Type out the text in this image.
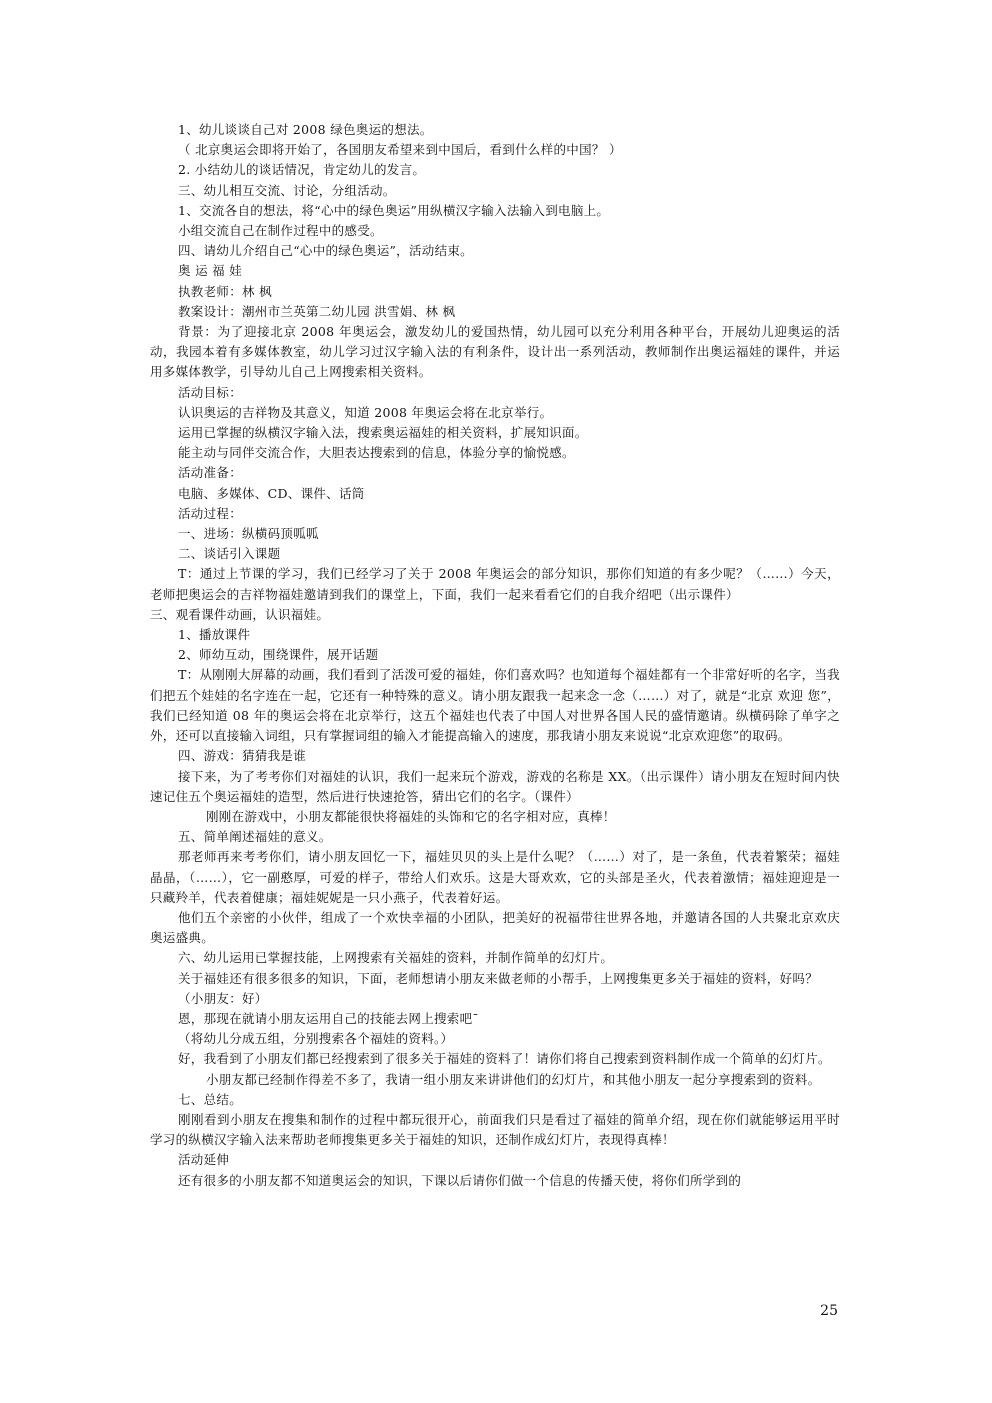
1、幼儿谈谈自己对 2008 绿色奥运的想法。
（ 北京奥运会即将开始了，各国朋友希望来到中国后，看到什么样的中国？ ）
2. 小结幼儿的谈话情况，肯定幼儿的发言。
三、幼儿相互交流、讨论，分组活动。
1、交流各自的想法，将“心中的绿色奥运”用纵横汉字输入法输入到电脑上。
小组交流自己在制作过程中的感受。
四、请幼儿介绍自己“心中的绿色奥运”，活动结束。
奥 运 福 娃
执教老师：林 枫
教案设计：潮州市兰英第二幼儿园 洪雪娟、林 枫
背景：为了迎接北京 2008 年奥运会，激发幼儿的爱国热情，幼儿园可以充分利用各种平台，开展幼儿迎奥运的活动，我园本着有多媒体教室，幼儿学习过汉字输入法的有利条件，设计出一系列活动，教师制作出奥运福娃的课件，并运用多媒体教学，引导幼儿自己上网搜索相关资料。
活动目标：
认识奥运的吉祥物及其意义，知道 2008 年奥运会将在北京举行。
运用已掌握的纵横汉字输入法，搜索奥运福娃的相关资料，扩展知识面。
能主动与同伴交流合作，大胆表达搜索到的信息，体验分享的愉悦感。
活动准备：
电脑、多媒体、CD、课件、话筒
活动过程：
一、进场：纵横码顶呱呱
二、谈话引入课题
T：通过上节课的学习，我们已经学习了关于 2008 年奥运会的部分知识，那你们知道的有多少呢？（……）今天，老师把奥运会的吉祥物福娃邀请到我们的课堂上，下面，我们一起来看看它们的自我介绍吧（出示课件）
三、观看课件动画，认识福娃。
1、播放课件
2、师幼互动，围绕课件，展开话题
T：从刚刚大屏幕的动画，我们看到了活泼可爱的福娃，你们喜欢吗？也知道每个福娃都有一个非常好听的名字，当我们把五个娃娃的名字连在一起，它还有一种特殊的意义。请小朋友跟我一起来念一念（……）对了，就是“北京 欢迎 您”，我们已经知道 08 年的奥运会将在北京举行，这五个福娃也代表了中国人对世界各国人民的盛情邀请。纵横码除了单字之外，还可以直接输入词组，只有掌握词组的输入才能提高输入的速度，那我请小朋友来说说“北京欢迎您”的取码。
四、游戏：猜猜我是谁
接下来，为了考考你们对福娃的认识，我们一起来玩个游戏，游戏的名称是 XX。（出示课件）请小朋友在短时间内快速记住五个奥运福娃的造型，然后进行快速抢答，猜出它们的名字。（课件）
刚刚在游戏中，小朋友都能很快将福娃的头饰和它的名字相对应，真棒！
五、简单阐述福娃的意义。
那老师再来考考你们，请小朋友回忆一下，福娃贝贝的头上是什么呢？（……）对了，是一条鱼，代表着繁荣；福娃晶晶，（……），它一副憨厚，可爱的样子，带给人们欢乐。这是大哥欢欢，它的头部是圣火，代表着激情；福娃迎迎是一只藏羚羊，代表着健康；福娃妮妮是一只小燕子，代表着好运。
他们五个亲密的小伙伴，组成了一个欢快幸福的小团队，把美好的祝福带往世界各地，并邀请各国的人共聚北京欢庆奥运盛典。
六、幼儿运用已掌握技能，上网搜索有关福娃的资料，并制作简单的幻灯片。
关于福娃还有很多很多的知识，下面，老师想请小朋友来做老师的小帮手，上网搜集更多关于福娃的资料，好吗？
（小朋友：好）
恩，那现在就请小朋友运用自己的技能去网上搜索吧¯
（将幼儿分成五组，分别搜索各个福娃的资料。）
好，我看到了小朋友们都已经搜索到了很多关于福娃的资料了！请你们将自己搜索到资料制作成一个简单的幻灯片。
小朋友都已经制作得差不多了，我请一组小朋友来讲讲他们的幻灯片，和其他小朋友一起分享搜索到的资料。
七、总结。
刚刚看到小朋友在搜集和制作的过程中都玩很开心，前面我们只是看过了福娃的简单介绍，现在你们就能够运用平时学习的纵横汉字输入法来帮助老师搜集更多关于福娃的知识，还制作成幻灯片，表现得真棒！
活动延伸
还有很多的小朋友都不知道奥运会的知识，下课以后请你们做一个信息的传播天使，将你们所学到的
25
